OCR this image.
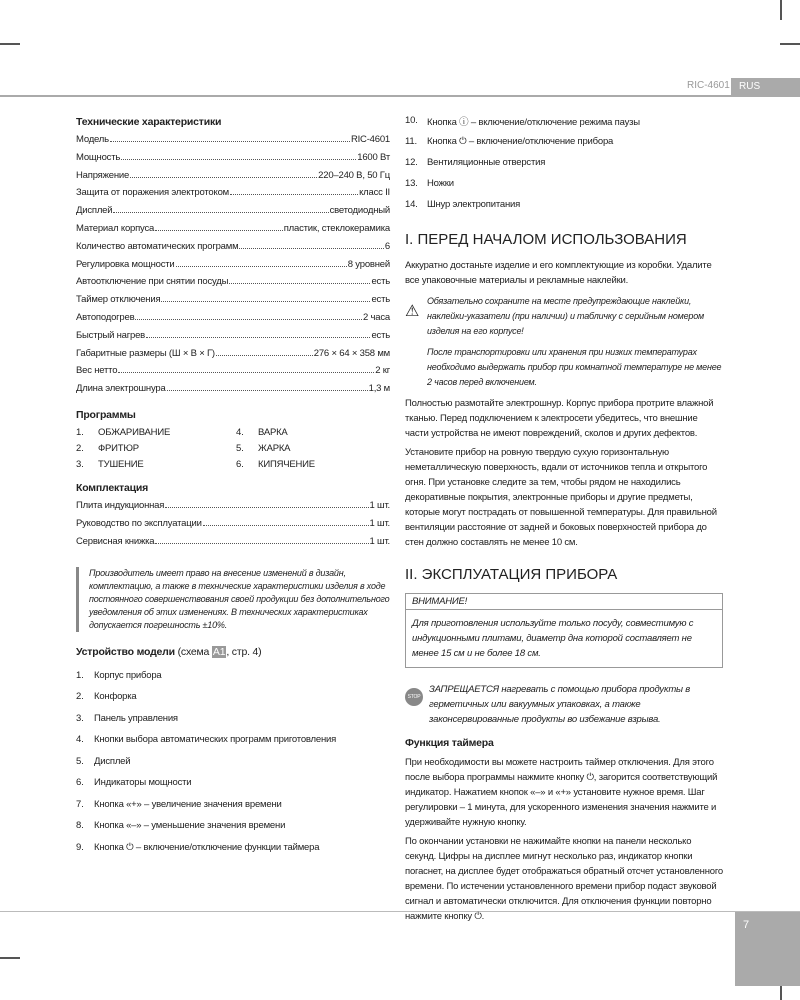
RIC-4601 RUS
7
Технические характеристики
Модель	RIC-4601
Мощность	1600 Вт
Напряжение	220–240 В, 50 Гц
Защита от поражения электротоком	класс II
Дисплей	светодиодный
Материал корпуса	пластик, стеклокерамика
Количество автоматических программ	6
Регулировка мощности	8 уровней
Автоотключение при снятии посуды	есть
Таймер отключения	есть
Автоподогрев	2 часа
Быстрый нагрев	есть
Габаритные размеры (Ш × В × Г)	276 × 64 × 358 мм
Вес нетто	2 кг
Длина электрошнура	1,3 м
Программы
1.	ОБЖАРИВАНИЕ	4.	ВАРКА
2.	ФРИТЮР	5.	ЖАРКА
3.	ТУШЕНИЕ	6.	КИПЯЧЕНИЕ
Комплектация
Плита индукционная	1 шт.
Руководство по эксплуатации	1 шт.
Сервисная книжка	1 шт.
Производитель имеет право на внесение изменений в дизайн, комплектацию, а также в технические характеристики изделия в ходе постоянного совершенствования своей продукции без дополнительного уведомления об этих изменениях. В технических характеристиках допускается погрешность ±10%.
Устройство модели (схема A1, стр. 4)
1.	Корпус прибора
2.	Конфорка
3.	Панель управления
4.	Кнопки выбора автоматических программ приготовления
5.	Дисплей
6.	Индикаторы мощности
7.	Кнопка «+» – увеличение значения времени
8.	Кнопка «–» – уменьшение значения времени
9.	Кнопка ⏻ – включение/отключение функции таймера
10. Кнопка ⓘ – включение/отключение режима паузы
11.	Кнопка ⏻ – включение/отключение прибора
12. Вентиляционные отверстия
13. Ножки
14. Шнур электропитания
I. ПЕРЕД НАЧАЛОМ ИСПОЛЬЗОВАНИЯ

Аккуратно достаньте изделие и его комплектующие из коробки. Удалите все упаковочные материалы и рекламные наклейки.

⚠
Обязательно сохраните на месте предупреждающие наклейки, наклейки-указатели (при наличии) и табличку с серийным номером изделия на его корпусе!
После транспортировки или хранения при низких температурах необходимо выдержать прибор при комнатной температуре не менее 2 часов перед включением.

Полностью размотайте электрошнур. Корпус прибора протрите влажной тканью. Перед подключением к электросети убедитесь, что внешние части устройства не имеют повреждений, сколов и других дефектов.

Установите прибор на ровную твердую сухую горизонтальную неметаллическую поверхность, вдали от источников тепла и открытого огня. При установке следите за тем, чтобы рядом не находились декоративные покрытия, электронные приборы и другие предметы, которые могут пострадать от повышенной температуры. Для правильной вентиляции расстояние от задней и боковых поверхностей прибора до стен должно составлять не менее 10 см.

II. ЭКСПЛУАТАЦИЯ ПРИБОРА
ВНИМАНИЕ!
Для приготовления используйте только посуду, совместимую с индукционными плитами, диаметр дна которой составляет не менее 15 см и не более 18 см.
STOP
ЗАПРЕЩАЕТСЯ нагревать с помощью прибора продукты в герметичных или вакуумных упаковках, а также законсервированные продукты во избежание взрыва.
Функция таймера

При необходимости вы можете настроить таймер отключения. Для этого после выбора программы нажмите кнопку ⏻, загорится соответствующий индикатор. Нажатием кнопок «–» и «+» установите нужное время. Шаг регулировки – 1 минута, для ускоренного изменения значения нажмите и удерживайте нужную кнопку.

По окончании установки не нажимайте кнопки на панели несколько секунд. Цифры на дисплее мигнут несколько раз, индикатор кнопки погаснет, на дисплее будет отображаться обратный отсчет установленного времени. По истечении установленного времени прибор подаст звуковой сигнал и автоматически отключится. Для отключения функции повторно нажмите кнопку ⏻.
